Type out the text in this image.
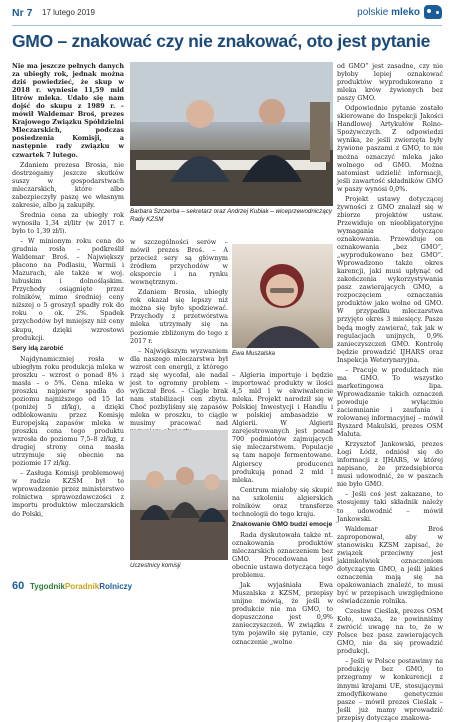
Nr 7 17 lutego 2019	polskie mleko
GMO – znakować czy nie znakować, oto jest pytanie

Nie ma jeszcze pełnych danych za ubiegły rok, jednak można dziś powiedzieć, że skup w 2018 r. wyniesie 11,59 mld litrów mleka. Udało się nam dojść do skupu z 1989 r. – mówił Waldemar Broś, prezes Krajowego Związku Spółdzielni Mleczarskich, podczas posiedzenia Komisji, a następnie rady związku w czwartek 7 lutego.

Zdaniem prezesa Brosia, nie dostrzegamy jeszcze skutków suszy w gospodarstwach mleczarskich, które albo zabezpieczyły paszę we własnym zakresie, albo ją zakupiły.

Średnia cena za ubiegły rok wynosiła 1,34 zł/litr (w 2017 r. było to 1,39 zł/l).

– W minionym roku cena do grudnia rosła – podkreślił Waldemar Broś. – Największy płacono na Podlasiu, Warmii i Mazurach, ale także w woj. lubuskim i dolnośląskim. Przychody osiągnięte przez rolników, mimo średniej ceny niższej o 5 groszy/l spadły rok do roku o ok. 2%. Spadek przychodów był mniejszy niż ceny skupu, dzięki wzrostowi produkcji.

Sery idą zarobić

Najdynamiczniej rosła w ubiegłym roku produkcja mleka w proszku – wzrost o ponad 8% i masła – o 5%. Cena mleka w proszku najpierw spadła do poziomu najniższego od 15 lat (poniżej 5 zł/kg), a dzięki odblokowaniu przez Komisję Europejską zapasów mleka w proszku cena tego produktu wzrosła do poziomu 7,5–8 zł/kg, z drugiej strony cena masła utrzymuje się obecnie na poziomie 17 zł/kg.

– Zasługa Komisji problemowej w radzie KZSM był te wprowadzenie przez ministerstwo rolnictwa sprawozdawczości z importu produktów mleczarskich do Polski,

Barbara Szczerba – sekretarz oraz Andrzej Kubiak – wiceprzewodniczący Rady KZSM

w szczególności serów – mówił prezes Broś. – A przecież sery są głównym źródłem przychodów w eksporcie i na rynku wewnętrznym.

Zdaniem Brosia, ubiegły rok okazał się lepszy niż można się było spodziewać. Przychody z przetwórstwa mleka utrzymały się na poziomie zbliżonym do tego z 2017 r.

– Największym wyzwaniem dla naszego mleczarstwa był wzrost cen energii, z którego rząd się wycofał, ale nadal jest to ogromny problem – wyliczał Broś. – Ciągle brak nam stabilizacji cen zbytu. Choć pozbyliśmy się zapasów mleka w proszku, to ciągle musimy pracować nad

Ewa Muszalska

– Algieria importuje i będzie importować produkty w ilości 4,5 mld l w ekwiwalencie mleka. Projekt narodził się w Polskiej Inwestycji i Handlu i w polskiej ambasadzie w Algierii. W Algierii zarejestrowanych jest ponad 700 podmiotów zajmujących się mleczarstwem. Populacje są tam napoje fermentowane. Algierscy producenci produkują ponad 2 mld l mleka.

Centrum miałoby się skupić na szkoleniu algierskich rolników oraz transferze technologii do tego kraju.

Znakowanie GMO budzi emocje

Rada dyskutowała także nt. oznakowania produktów mleczarskich oznaczeniem bez GMO. Procedowana jest obecnie ustawa dotycząca tego problemu.

Jak wyjaśniała Ewa Muszalska z KZSM, przepisy unijne mówią, że jeśli w produkcie nie ma GMO, to dopuszczone jest 0,9% zanieczyszczeń. W związku z tym pojawiło się pytanie, czy oznaczenie „wolne

Uczestnicy komisji

od GMO” jest zasadne, czy nie byłoby lepiej oznakować produktów wyprodukowano z mleka krów żywionych bez paszy GMO.

Odpowiednie pytanie zostało skierowane do Inspekcji Jakości Handlowej Artykułów Rolno-Spożywczych. Z odpowiedzi wynika, że jeśli zwierzęta były żywione paszami z GMO, to nie można oznaczyć mleka jako wolnego od GMO. Można natomiast udzielić informacji, jeśli zawartość składników GMO w paszy wynosi 0,0%.

Projekt ustawy dotyczącej żywności z GMO znalazł się w zbiorze projektów ustaw. Przewiduje on nieobligatoryjne wymagania dotyczące oznakowania. Przewiduje on oznakowania „bez GMO”, „wyprodukowano bez GMO”. Wprowadzono także okres karencji, jaki musi upłynąć od zakończenia wykorzystywania pasz zawierających GMO, a rozpoczęciem oznaczania produktów jako wolne od GMO. W przypadku mleczarstwa przyjęto okres 3 miesięcy. Pasze będą mogły zawierać, tak jak w regulacjach unijnych, 0,9% zanieczyszczeń GMO. Kontrolę będzie prowadzić IJHARS oraz Inspekcja Weterynaryjna.

– Pracuje w produktach nie ma GMO. To wszystko marketingowa lipa. Wprowadzanie takich oznaczeń powoduje wyłącznie zaciemnianie i zaufania i rolowanej informacyjnej – mówił Ryszard Makulski, prezes OSM Maluta.

Krzysztof Jankowski, prezes Łogi Łódź, odniósł się do informacji z IJHARS, w której napisano, że przedsiębiorca musi udowodnić, że w paszach nie było GMO.

– Jeśli coś jest zakazane, to stosujemy taki składnik należy to udowodnić – mówił Jankowski.

Waldemar Broś zaproponował, aby w stanowisku KZSM zapisać, że związek przeciwny jest jakimkolwiek oznaczeniom dotyczącym GMO, a jeśli jakieś oznaczenia mają się na opakowaniach znaleźć, to musi być w przepisach uwzględnione oświadczenie rolnika.

Czesław Cieślak, prezes OSM Koło, uważa, że powinniśmy zwrócić uwagę na to, że w Polsce bez pasz zawierających GMO, nie da się prowadzić produkcji.

– Jeśli w Polsce postawimy na produkcję bez GMO, to przegramy w konkurencji z innymi krajami UE, stosującymi zmodyfikowane genetycznie pasze – mówił prezes Cieślak – Jeśli już mamy wprowadzić przepisy dotyczące znakowa-

60 TygodnikPoradnikRolniczy
